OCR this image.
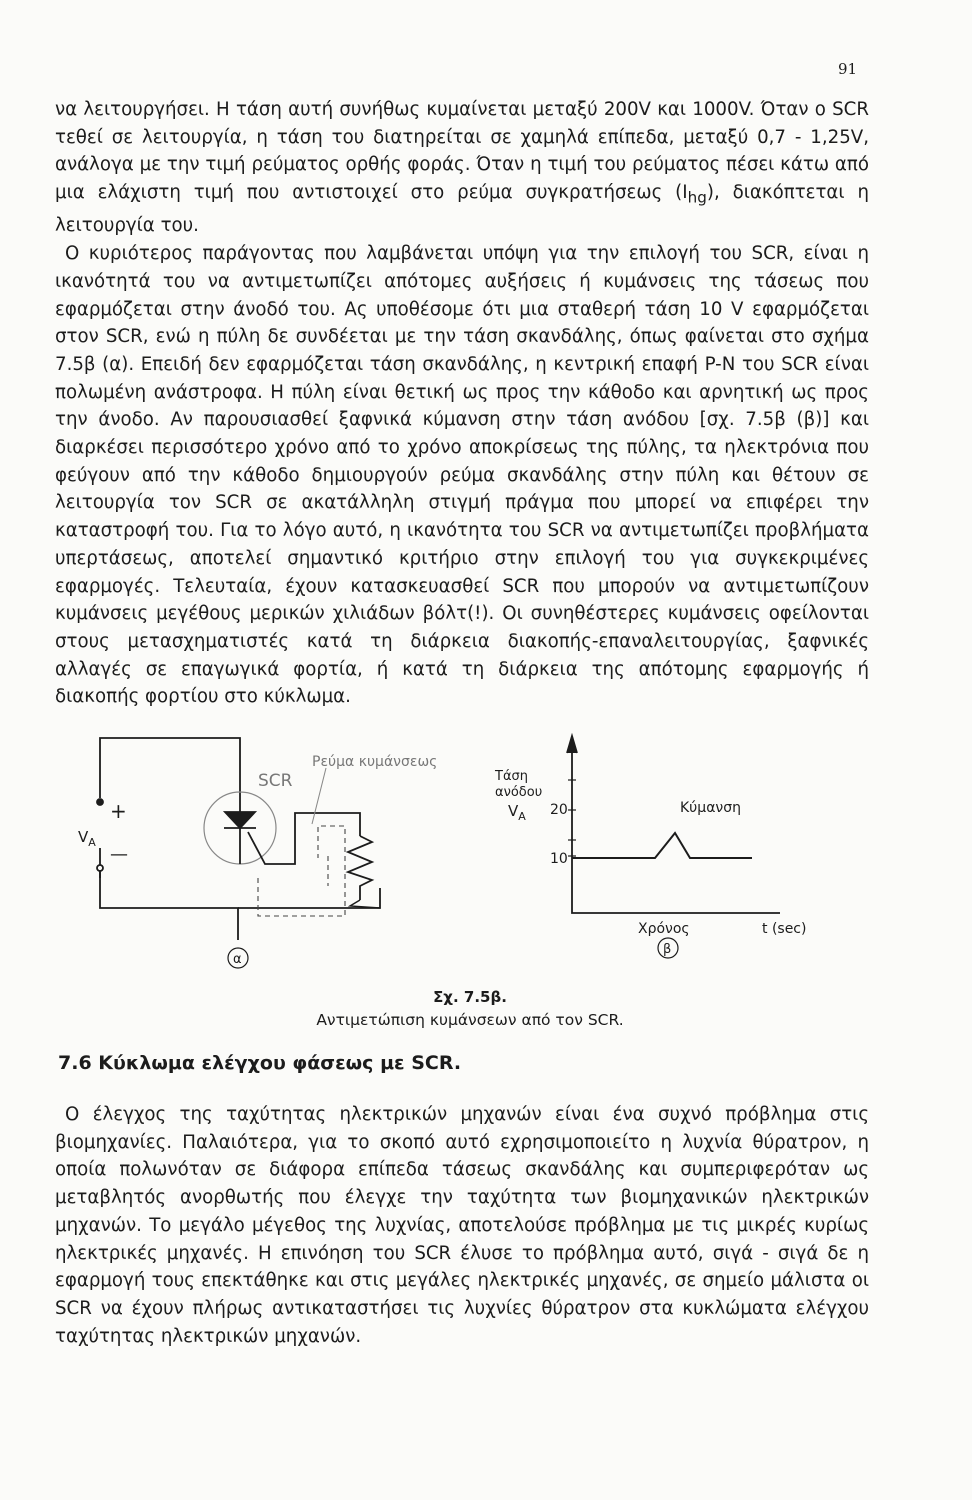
91

να λειτουργήσει. Η τάση αυτή συνήθως κυμαίνεται μεταξύ 200V και 1000V. Όταν ο SCR τεθεί σε λειτουργία, η τάση του διατηρείται σε χαμηλά επίπεδα, μεταξύ 0,7 - 1,25V, ανάλογα με την τιμή ρεύματος ορθής φοράς. Όταν η τιμή του ρεύματος πέσει κάτω από μια ελάχιστη τιμή που αντιστοιχεί στο ρεύμα συγκρατήσεως $(I_{hg})$, διακόπτεται η λειτουργία του.

Ο κυριότερος παράγοντας που λαμβάνεται υπόψη για την επιλογή του SCR, είναι η ικανότητά του να αντιμετωπίζει απότομες αυξήσεις ή κυμάνσεις της τάσεως που εφαρμόζεται στην άνοδό του. Ας υποθέσομε ότι μια σταθερή τάση 10 V εφαρμόζεται στον SCR, ενώ η πύλη δε συνδέεται με την τάση σκανδάλης, όπως φαίνεται στο σχήμα 7.5β (α). Επειδή δεν εφαρμόζεται τάση σκανδάλης, η κεντρική επαφή P-N του SCR είναι πολωμένη ανάστροφα. Η πύλη είναι θετική ως προς την κάθοδο και αρνητική ως προς την άνοδο. Αν παρουσιασθεί ξαφνικά κύμανση στην τάση ανόδου [σχ. 7.5β (β)] και διαρκέσει περισσότερο χρόνο από το χρόνο αποκρίσεως της πύλης, τα ηλεκτρόνια που φεύγουν από την κάθοδο δημιουργούν ρεύμα σκανδάλης στην πύλη και θέτουν σε λειτουργία τον SCR σε ακατάλληλη στιγμή πράγμα που μπορεί να επιφέρει την καταστροφή του. Για το λόγο αυτό, η ικανότητα του SCR να αντιμετωπίζει προβλήματα υπερτάσεως, αποτελεί σημαντικό κριτήριο στην επιλογή του για συγκεκριμένες εφαρμογές. Τελευταία, έχουν κατασκευασθεί SCR που μπορούν να αντιμετωπίζουν κυμάνσεις μεγέθους μερικών χιλιάδων βόλτ(!). Οι συνηθέστερες κυμάνσεις οφείλονται στους μετασχηματιστές κατά τη διάρκεια διακοπής-επαναλειτουργίας, ξαφνικές αλλαγές σε επαγωγικά φορτία, ή κατά τη διάρκεια της απότομης εφαρμογής ή διακοπής φορτίου στο κύκλωμα.

+
—
$V_A$
SCR
Ρεύμα κυμάνσεως
α
Τάση
ανόδου
$V_A$ 20
10
Κύμανση
Χρόνος	t (sec)
β
Σχ. 7.5β.
Αντιμετώπιση κυμάνσεων από τον SCR.
7.6 Κύκλωμα ελέγχου φάσεως με SCR.

Ο έλεγχος της ταχύτητας ηλεκτρικών μηχανών είναι ένα συχνό πρόβλημα στις βιομηχανίες. Παλαιότερα, για το σκοπό αυτό εχρησιμοποιείτο η λυχνία θύρατρον, η οποία πολωνόταν σε διάφορα επίπεδα τάσεως σκανδάλης και συμπεριφερόταν ως μεταβλητός ανορθωτής που έλεγχε την ταχύτητα των βιομηχανικών ηλεκτρικών μηχανών. Το μεγάλο μέγεθος της λυχνίας, αποτελούσε πρόβλημα με τις μικρές κυρίως ηλεκτρικές μηχανές. Η επινόηση του SCR έλυσε το πρόβλημα αυτό, σιγά - σιγά δε η εφαρμογή τους επεκτάθηκε και στις μεγάλες ηλεκτρικές μηχανές, σε σημείο μάλιστα οι SCR να έχουν πλήρως αντικαταστήσει τις λυχνίες θύρατρον στα κυκλώματα ελέγχου ταχύτητας ηλεκτρικών μηχανών.
